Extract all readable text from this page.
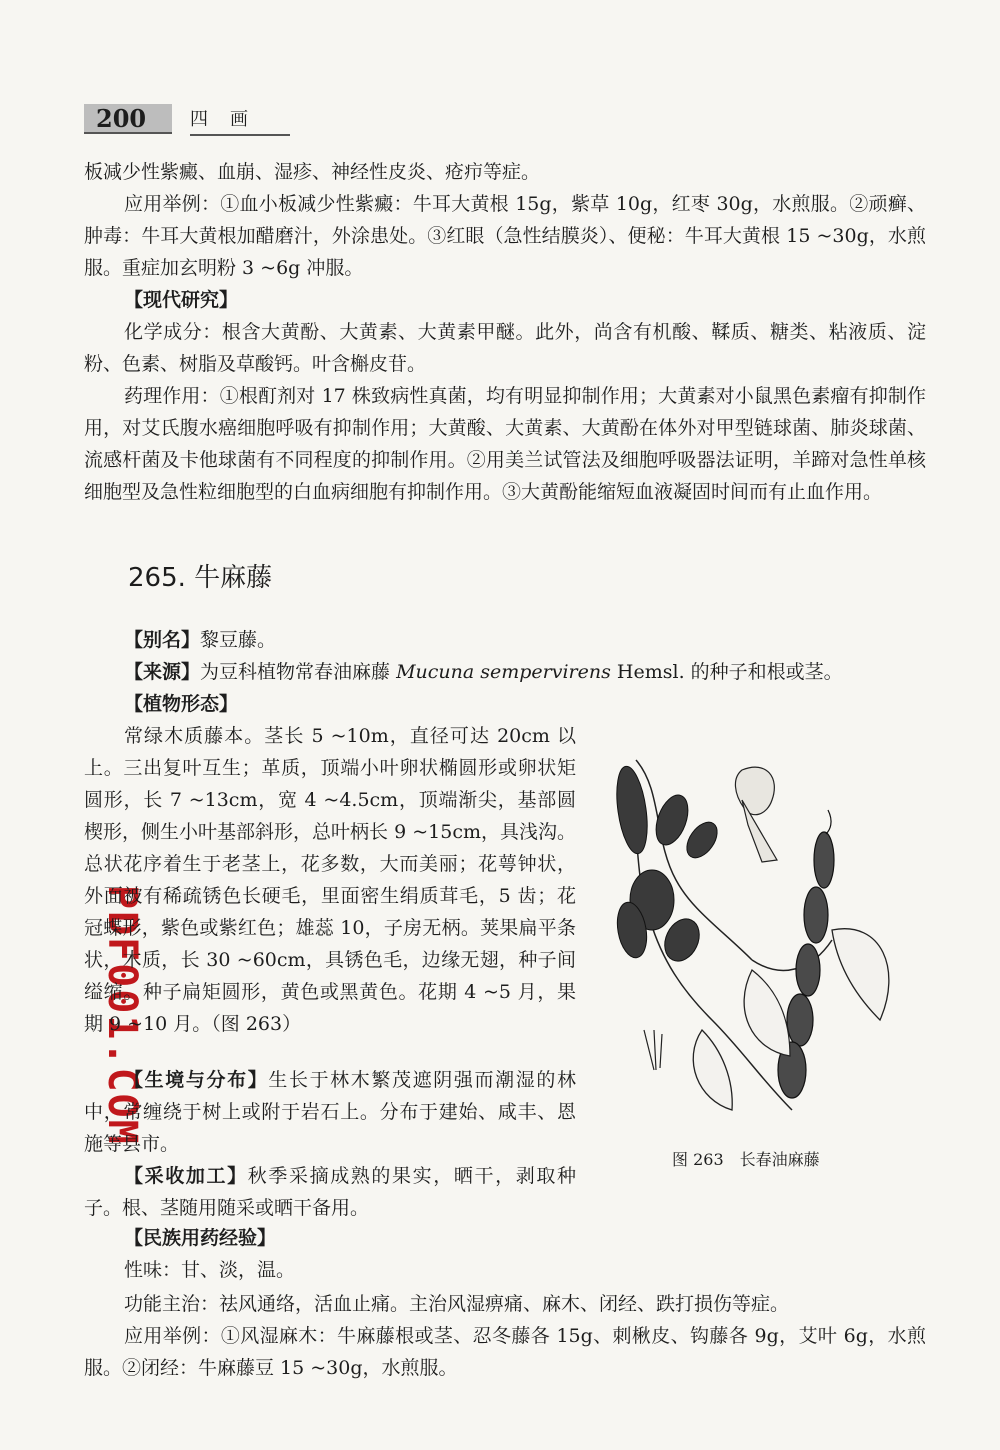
200	四画
PDF001.COM

板减少性紫癜、血崩、湿疹、神经性皮炎、疮疖等症。

应用举例：①血小板减少性紫癜：牛耳大黄根 15g，紫草 10g，红枣 30g，水煎服。②顽癣、肿毒：牛耳大黄根加醋磨汁，外涂患处。③红眼（急性结膜炎）、便秘：牛耳大黄根 15 ~30g，水煎服。重症加玄明粉 3 ~6g 冲服。

【现代研究】

化学成分：根含大黄酚、大黄素、大黄素甲醚。此外，尚含有机酸、鞣质、糖类、粘液质、淀粉、色素、树脂及草酸钙。叶含槲皮苷。

药理作用：①根酊剂对 17 株致病性真菌，均有明显抑制作用；大黄素对小鼠黑色素瘤有抑制作用，对艾氏腹水癌细胞呼吸有抑制作用；大黄酸、大黄素、大黄酚在体外对甲型链球菌、肺炎球菌、流感杆菌及卡他球菌有不同程度的抑制作用。②用美兰试管法及细胞呼吸器法证明，羊蹄对急性单核细胞型及急性粒细胞型的白血病细胞有抑制作用。③大黄酚能缩短血液凝固时间而有止血作用。

265. 牛麻藤

【别名】黎豆藤。

【来源】为豆科植物常春油麻藤 Mucuna sempervirens Hemsl. 的种子和根或茎。

【植物形态】

常绿木质藤本。茎长 5 ~10m，直径可达 20cm 以上。三出复叶互生；革质，顶端小叶卵状椭圆形或卵状矩圆形，长 7 ~13cm，宽 4 ~4.5cm，顶端渐尖，基部圆楔形，侧生小叶基部斜形，总叶柄长 9 ~15cm，具浅沟。总状花序着生于老茎上，花多数，大而美丽；花萼钟状，外面被有稀疏锈色长硬毛，里面密生绢质茸毛，5 齿；花冠蝶形，紫色或紫红色；雄蕊 10，子房无柄。荚果扁平条状，木质，长 30 ~60cm，具锈色毛，边缘无翅，种子间缢缩。种子扁矩圆形，黄色或黑黄色。花期 4 ~5 月，果期 9 ~10 月。（图 263）

【生境与分布】生长于林木繁茂遮阴强而潮湿的林中，常缠绕于树上或附于岩石上。分布于建始、咸丰、恩施等县市。

【采收加工】秋季采摘成熟的果实，晒干，剥取种子。根、茎随用随采或晒干备用。

【民族用药经验】

性味：甘、淡，温。

功能主治：祛风通络，活血止痛。主治风湿痹痛、麻木、闭经、跌打损伤等症。

应用举例：①风湿麻木：牛麻藤根或茎、忍冬藤各 15g、刺楸皮、钩藤各 9g，艾叶 6g，水煎服。②闭经：牛麻藤豆 15 ~30g，水煎服。

图 263　长春油麻藤
